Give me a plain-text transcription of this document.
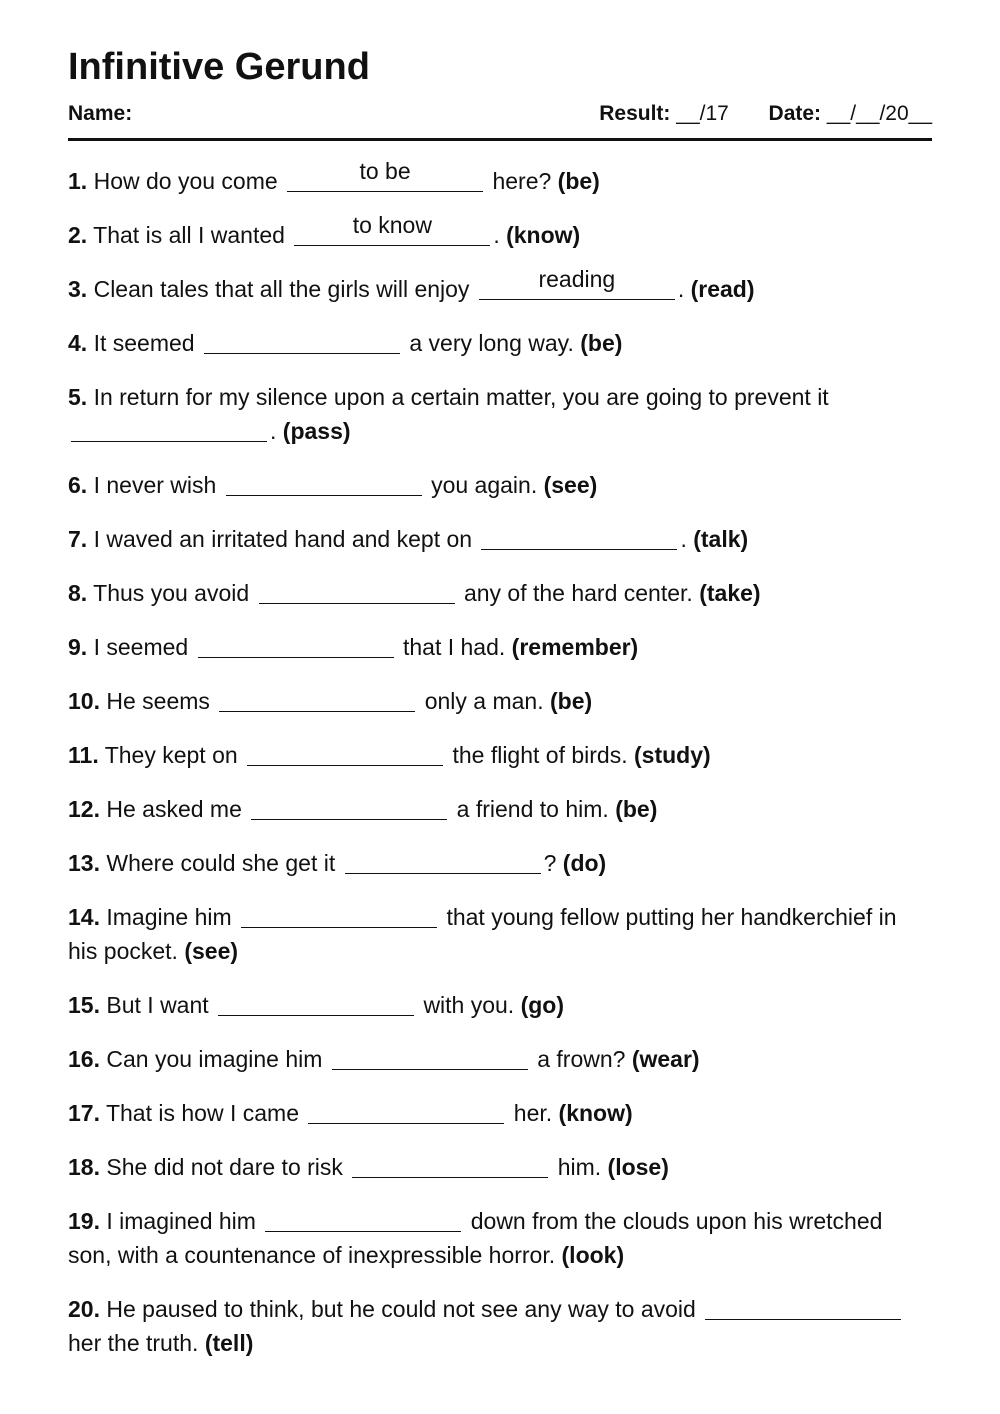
Infinitive Gerund
Name:	Result: __/17 Date: __/__/20__
1. How do you come	to be	here? (be)
2. That is all I wanted	to know	. (know)
3. Clean tales that all the girls will enjoy	reading	. (read)
4. It seemed	a very long way. (be)
5. In return for my silence upon a certain matter, you are going to prevent it
. (pass)
6. I never wish	you again. (see)
7. I waved an irritated hand and kept on	. (talk)
8. Thus you avoid	any of the hard center. (take)
9. I seemed	that I had. (remember)
10. He seems	only a man. (be)
11. They kept on	the flight of birds. (study)
12. He asked me	a friend to him. (be)
13. Where could she get it	? (do)
14. Imagine him	that young fellow putting her handkerchief in his pocket. (see)
15. But I want	with you. (go)
16. Can you imagine him	a frown? (wear)
17. That is how I came	her. (know)
18. She did not dare to risk	him. (lose)
19. I imagined him	down from the clouds upon his wretched son, with a countenance of inexpressible horror. (look)
20. He paused to think, but he could not see any way to avoid
her the truth. (tell)
